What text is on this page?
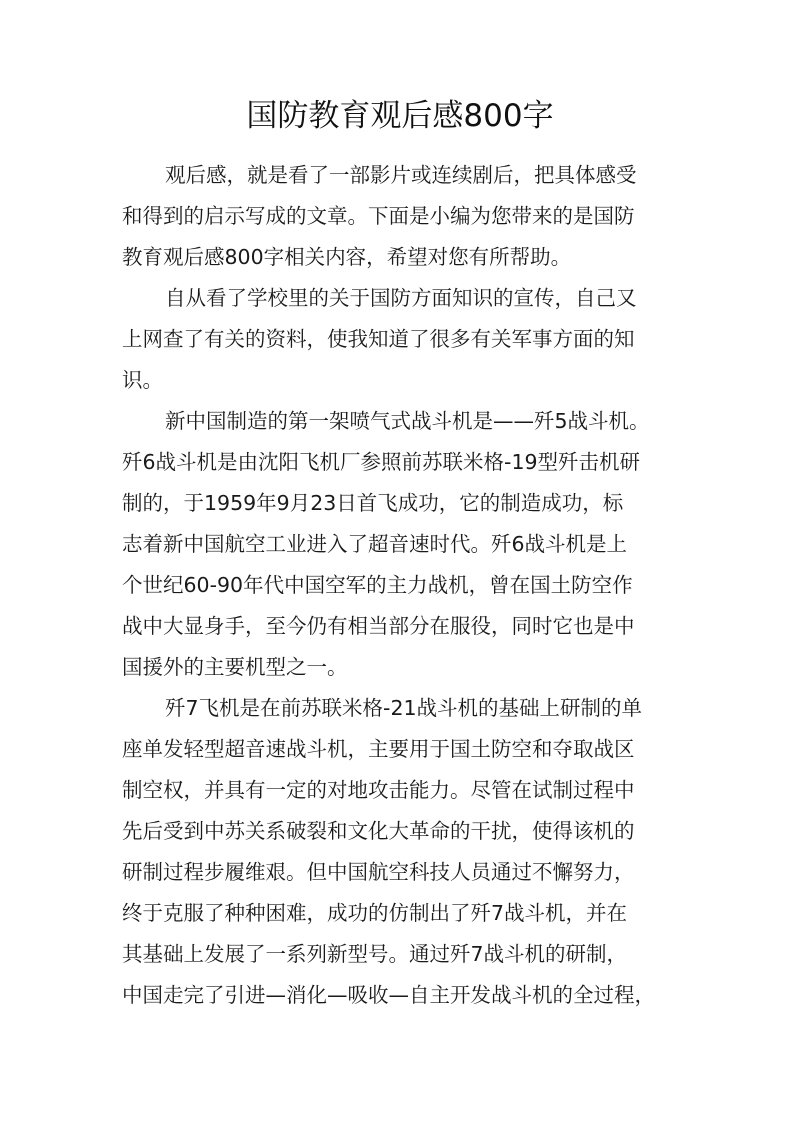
国防教育观后感800字
观后感，就是看了一部影片或连续剧后，把具体感受
和得到的启示写成的文章。下面是小编为您带来的是国防
教育观后感800字相关内容，希望对您有所帮助。
自从看了学校里的关于国防方面知识的宣传，自己又
上网查了有关的资料，使我知道了很多有关军事方面的知
识。
新中国制造的第一架喷气式战斗机是——歼5战斗机。
歼6战斗机是由沈阳飞机厂参照前苏联米格-19型歼击机研
制的，于1959年9月23日首飞成功，它的制造成功，标
志着新中国航空工业进入了超音速时代。歼6战斗机是上
个世纪60-90年代中国空军的主力战机，曾在国土防空作
战中大显身手，至今仍有相当部分在服役，同时它也是中
国援外的主要机型之一。
歼7飞机是在前苏联米格-21战斗机的基础上研制的单
座单发轻型超音速战斗机，主要用于国土防空和夺取战区
制空权，并具有一定的对地攻击能力。尽管在试制过程中
先后受到中苏关系破裂和文化大革命的干扰，使得该机的
研制过程步履维艰。但中国航空科技人员通过不懈努力，
终于克服了种种困难，成功的仿制出了歼7战斗机，并在
其基础上发展了一系列新型号。通过歼7战斗机的研制，
中国走完了引进—消化—吸收—自主开发战斗机的全过程，
